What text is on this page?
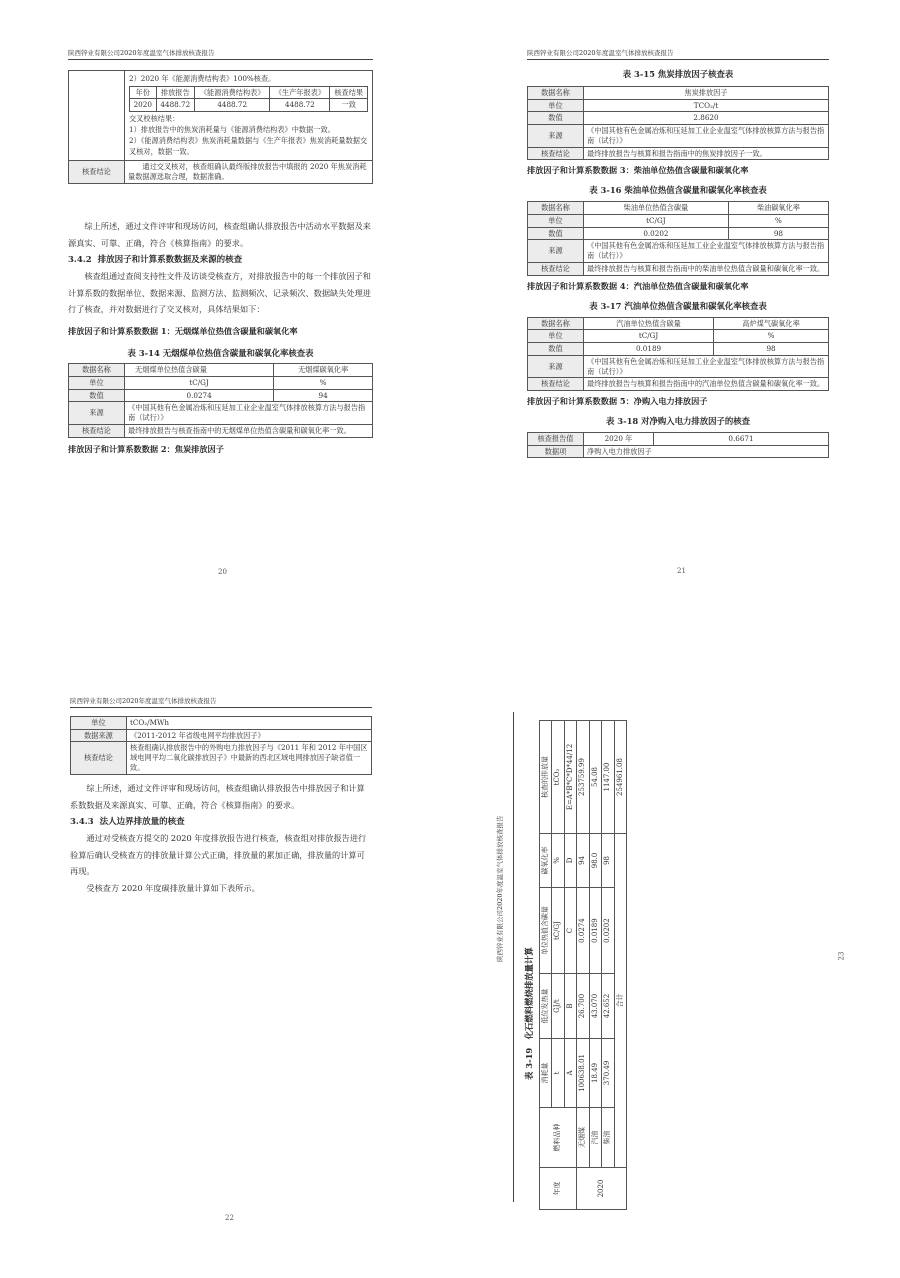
陕西锌业有限公司2020年度温室气体排放核查报告

2）2020 年《能源消费结构表》100%核查。
年份	排放报告	《能源消费结构表》	《生产年报表》	核查结果
2020	4488.72	4488.72	4488.72	一致
交叉校核结果：
1）排放报告中的焦炭消耗量与《能源消费结构表》中数据一致。
2）《能源消费结构表》焦炭消耗量数据与《生产年报表》焦炭消耗量数据交叉核对，数据一致。

核查结论	通过交叉核对，核查组确认最终版排放报告中填报的 2020 年焦炭消耗量数据源选取合理，数据准确。

综上所述，通过文件评审和现场访问，核查组确认排放报告中活动水平数据及来源真实、可靠、正确，符合《核算指南》的要求。

3.4.2 排放因子和计算系数数据及来源的核查

核查组通过查阅支持性文件及访谈受核查方，对排放报告中的每一个排放因子和计算系数的数据单位、数据来源、监测方法、监测频次、记录频次、数据缺失处理进行了核查，并对数据进行了交叉核对，具体结果如下：

排放因子和计算系数数据 1：无烟煤单位热值含碳量和碳氧化率
表 3-14 无烟煤单位热值含碳量和碳氧化率核查表
数据名称	无烟煤单位热值含碳量	无烟煤碳氧化率
单位	tC/GJ	%
数值	0.0274	94
来源	《中国其他有色金属冶炼和压延加工业企业温室气体排放核算方法与报告指南（试行）》	
核查结论	最终排放报告与核查指南中的无烟煤单位热值含碳量和碳氧化率一致。	
排放因子和计算系数数据 2：焦炭排放因子
20
陕西锌业有限公司2020年度温室气体排放核查报告
表 3-15 焦炭排放因子核查表
数据名称	焦炭排放因子
单位	TCO₂/t
数值	2.8620
来源	《中国其他有色金属冶炼和压延加工业企业温室气体排放核算方法与报告指南（试行）》
核查结论	最终排放报告与核算和报告指南中的焦炭排放因子一致。
排放因子和计算系数数据 3：柴油单位热值含碳量和碳氧化率
表 3-16 柴油单位热值含碳量和碳氧化率核查表
数据名称	柴油单位热值含碳量	柴油碳氧化率
单位	tC/GJ	%
数值	0.0202	98
来源	《中国其他有色金属冶炼和压延加工业企业温室气体排放核算方法与报告指南（试行）》	
核查结论	最终排放报告与核算和报告指南中的柴油单位热值含碳量和碳氧化率一致。	
排放因子和计算系数数据 4：汽油单位热值含碳量和碳氧化率
表 3-17 汽油单位热值含碳量和碳氧化率核查表
数据名称	汽油单位热值含碳量	高炉煤气碳氧化率
单位	tC/GJ	%
数值	0.0189	98
来源	《中国其他有色金属冶炼和压延加工业企业温室气体排放核算方法与报告指南（试行）》	
核查结论	最终排放报告与核算和报告指南中的汽油单位热值含碳量和碳氧化率一致。	
排放因子和计算系数数据 5：净购入电力排放因子
表 3-18 对净购入电力排放因子的核查
核查报告值	2020 年	0.6671
数据项	净购入电力排放因子	
21
陕西锌业有限公司2020年度温室气体排放核查报告
单位	tCO₂/MWh
数据来源	《2011-2012 年省级电网平均排放因子》
核查结论	核查组确认排放报告中的外购电力排放因子与《2011 年和 2012 年中国区域电网平均二氧化碳排放因子》中最新的西北区域电网排放因子缺省值一致。

综上所述，通过文件评审和现场访问，核查组确认排放报告中排放因子和计算系数数据及来源真实、可靠、正确，符合《核算指南》的要求。

3.4.3 法人边界排放量的核查

通过对受核查方提交的 2020 年度排放报告进行核查，核查组对排放报告进行验算后确认受核查方的排放量计算公式正确，排放量的累加正确，排放量的计算可再现。

受核查方 2020 年度碳排放量计算如下表所示。

22
陕西锌业有限公司2020年度温室气体排放核查报告	23
表 3-19　化石燃料燃烧排放量计算
年度	燃料品种	消耗量	低位发热量	单位热值含碳量	碳氧化率	核查的排放量
		t	GJ/t	tC/GJ	%	tCO₂
		A	B	C	D	E=A*B*C*D*44/12
2020	无烟煤	100638.01	26.700	0.0274	94	253759.99
	汽油	18.49	43.070	0.0189	98.0	54.08
	柴油	370.49	42.652	0.0202	98	1147.00
	合计					254961.08
